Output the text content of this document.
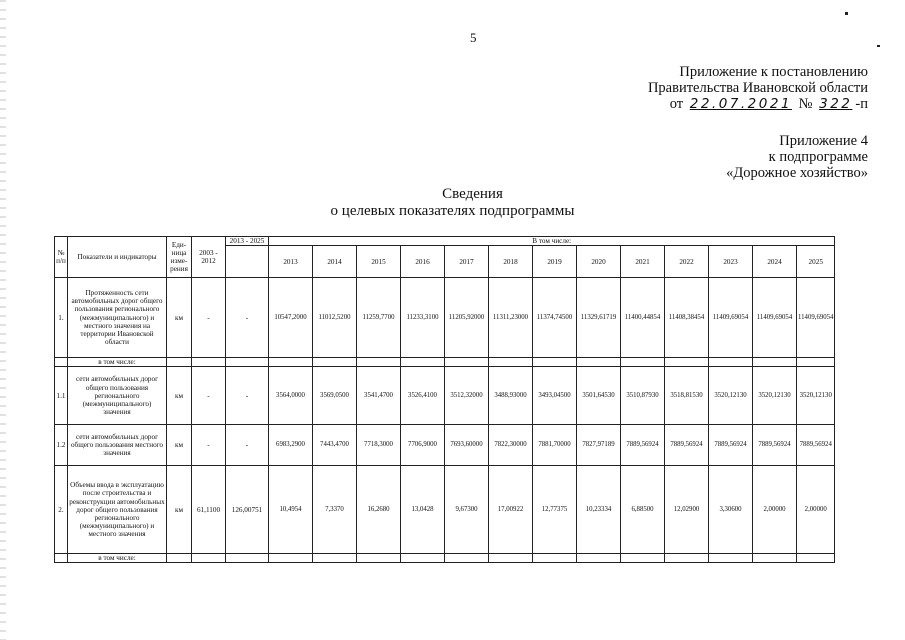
5
Приложение к постановлению
Правительства Ивановской области
от 22.07.2021 № 322 -п
Приложение 4
к подпрограмме
«Дорожное хозяйство»
Сведения
о целевых показателях подпрограммы
№ п/п	Показатели и индикаторы	Еди- ница изме- рения	2003 - 2012	2013 - 2025	В том числе:												
					2013	2014	2015	2016	2017	2018	2019	2020	2021	2022	2023	2024	2025
1.	Протяженность сети автомобильных дорог общего пользования регионального (межмуниципального) и местного значения на территории Ивановской области	км	-	-	10547,2000	11012,5200	11259,7700	11233,3100	11205,92000	11311,23000	11374,74500	11329,61719	11400,44854	11408,38454	11409,69054	11409,69054	11409,69054
	в том числе:																
1.1	сети автомобильных дорог общего пользования регионального (межмуниципального) значения	км	-	-	3564,0000	3569,0500	3541,4700	3526,4100	3512,32000	3488,93000	3493,04500	3501,64530	3510,87930	3518,81530	3520,12130	3520,12130	3520,12130
1.2	сети автомобильных дорог общего пользования местного значения	км	-	-	6983,2900	7443,4700	7718,3000	7706,9000	7693,60000	7822,30000	7881,70000	7827,97189	7889,56924	7889,56924	7889,56924	7889,56924	7889,56924
2.	Объемы ввода в эксплуатацию после строительства и реконструкции автомобильных дорог общего пользования регионального (межмуниципального) и местного значения	км	61,1100	126,00751	10,4954	7,3370	16,2680	13,0428	9,67300	17,00922	12,77375	10,23334	6,88500	12,02900	3,30600	2,00000	2,00000
	в том числе:																
